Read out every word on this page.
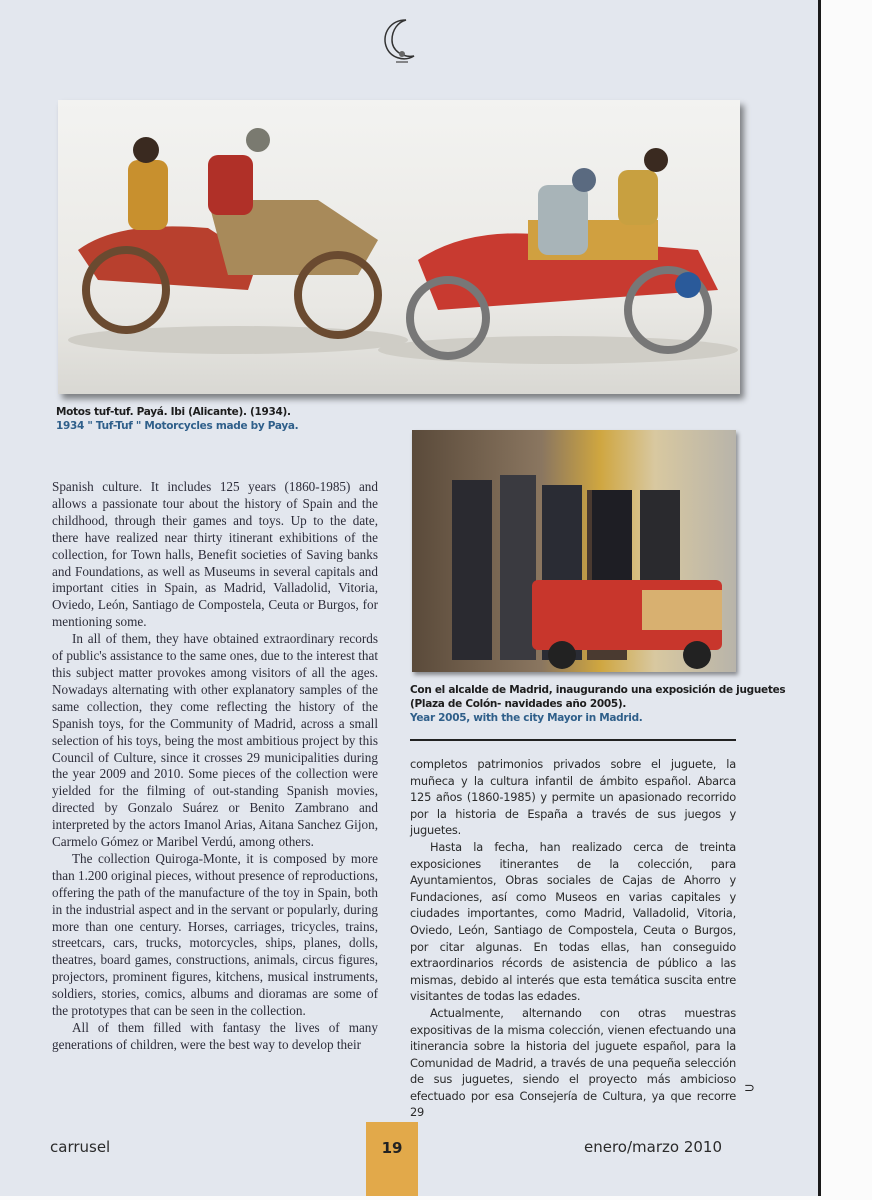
Motos tuf-tuf. Payá. Ibi (Alicante). (1934).
1934 " Tuf-Tuf " Motorcycles made by Paya.
Con el alcalde de Madrid, inaugurando una exposición de juguetes
(Plaza de Colón- navidades año 2005).
Year 2005, with the city Mayor in Madrid.

Spanish culture. It includes 125 years (1860-1985) and allows a passionate tour about the history of Spain and the childhood, through their games and toys. Up to the date, there have realized near thirty itinerant exhibitions of the collection, for Town halls, Benefit societies of Saving banks and Foundations, as well as Museums in several capitals and important cities in Spain, as Madrid, Valladolid, Vitoria, Oviedo, León, Santiago de Compostela, Ceuta or Burgos, for mentioning some.

In all of them, they have obtained extraordinary records of public's assistance to the same ones, due to the interest that this subject matter provokes among visitors of all the ages. Nowadays alternating with other explanatory samples of the same collection, they come reflecting the history of the Spanish toys, for the Community of Madrid, across a small selection of his toys, being the most ambitious project by this Council of Culture, since it crosses 29 municipalities during the year 2009 and 2010. Some pieces of the collection were yielded for the filming of out-standing Spanish movies, directed by Gonzalo Suárez or Benito Zambrano and interpreted by the actors Imanol Arias, Aitana Sanchez Gijon, Carmelo Gómez or Maribel Verdú, among others.

The collection Quiroga-Monte, it is composed by more than 1.200 original pieces, without presence of reproductions, offering the path of the manufacture of the toy in Spain, both in the industrial aspect and in the servant or popularly, during more than one century. Horses, carriages, tricycles, trains, streetcars, cars, trucks, motorcycles, ships, planes, dolls, theatres, board games, constructions, animals, circus figures, projectors, prominent figures, kitchens, musical instruments, soldiers, stories, comics, albums and dioramas are some of the prototypes that can be seen in the collection.

All of them filled with fantasy the lives of many generations of children, were the best way to develop their

completos patrimonios privados sobre el juguete, la muñeca y la cultura infantil de ámbito español. Abarca 125 años (1860-1985) y permite un apasionado recorrido por la historia de España a través de sus juegos y juguetes.

Hasta la fecha, han realizado cerca de treinta exposiciones itinerantes de la colección, para Ayuntamientos, Obras sociales de Cajas de Ahorro y Fundaciones, así como Museos en varias capitales y ciudades importantes, como Madrid, Valladolid, Vitoria, Oviedo, León, Santiago de Compostela, Ceuta o Burgos, por citar algunas. En todas ellas, han conseguido extraordinarios récords de asistencia de público a las mismas, debido al interés que esta temática suscita entre visitantes de todas las edades.

Actualmente, alternando con otras muestras expositivas de la misma colección, vienen efectuando una itinerancia sobre la historia del juguete español, para la Comunidad de Madrid, a través de una pequeña selección de sus juguetes, siendo el proyecto más ambicioso efectuado por esa Consejería de Cultura, ya que recorre 29

⊃
carrusel	19	enero/marzo 2010
